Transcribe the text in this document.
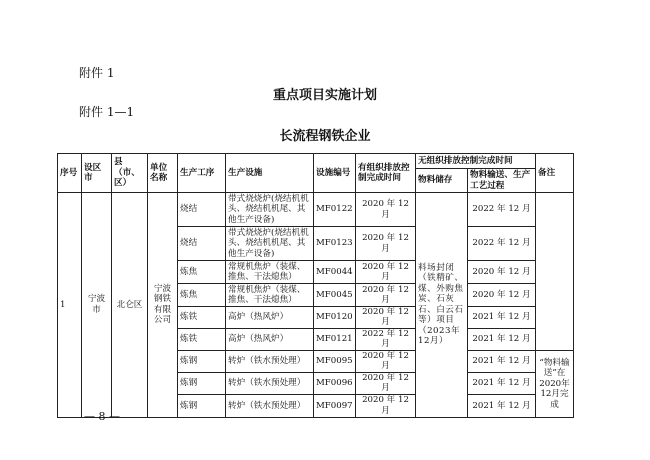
附件 1
重点项目实施计划
附件 1—1
长流程钢铁企业
序号	设区市	县（市、区）	单位名称	生产工序	生产设施	设施编号	有组织排放控制完成时间	无组织排放控制完成时间		备注
								物料储存	物料输送、生产工艺过程	
1	宁波市	北仑区	宁波钢铁有限公司	烧结	带式烧烧炉(烧结机机头、烧结机机尾、其他生产设备)	MF0122	2020 年 12 月	料场封闭（铁精矿、煤、外购焦炭、石灰石、白云石等）项目（2023年12月）	2022 年 12 月	
				烧结	带式烧烧炉(烧结机机头、烧结机机尾、其他生产设备)	MF0123	2020 年 12 月		2022 年 12 月	
				炼焦	常规机焦炉（装煤、推焦、干法熄焦）	MF0044	2020 年 12 月		2020 年 12 月	
				炼焦	常规机焦炉（装煤、推焦、干法熄焦）	MF0045	2020 年 12 月		2020 年 12 月	
				炼铁	高炉（热风炉）	MF0120	2020 年 12 月		2021 年 12 月	
				炼铁	高炉（热风炉）	MF0121	2022 年 12 月		2021 年 12 月	
				炼钢	转炉（铁水预处理）	MF0095	2020 年 12 月		2021 年 12 月	“物料输送”在2020年12月完成
				炼钢	转炉（铁水预处理）	MF0096	2020 年 12 月		2021 年 12 月	
				炼钢	转炉（铁水预处理）	MF0097	2020 年 12 月		2021 年 12 月	
— 8 —
